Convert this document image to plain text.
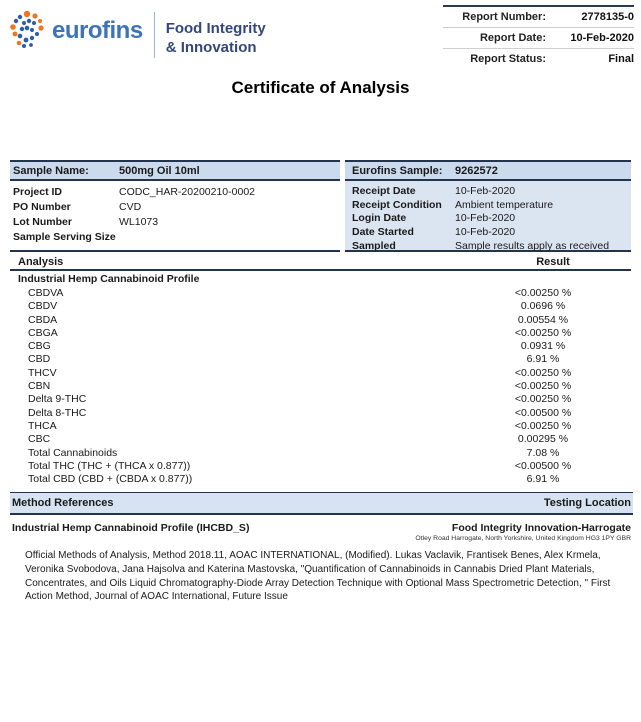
eurofins Food Integrity
& Innovation
Report Number:	2778135-0
Report Date:	10-Feb-2020
Report Status:	Final
Certificate of Analysis
Sample Name:	500mg Oil 10ml
Project ID	CODC_HAR-20200210-0002
PO Number	CVD
Lot Number	WL1073
Sample Serving Size
Eurofins Sample:	9262572
Receipt Date	10-Feb-2020
Receipt Condition	Ambient temperature
Login Date	10-Feb-2020
Date Started	10-Feb-2020
Sampled	Sample results apply as received
Analysis	Result
Industrial Hemp Cannabinoid Profile
CBDVA	<0.00250 %
CBDV	0.0696 %
CBDA	0.00554 %
CBGA	<0.00250 %
CBG	0.0931 %
CBD	6.91 %
THCV	<0.00250 %
CBN	<0.00250 %
Delta 9-THC	<0.00250 %
Delta 8-THC	<0.00500 %
THCA	<0.00250 %
CBC	0.00295 %
Total Cannabinoids	7.08 %
Total THC (THC + (THCA x 0.877))	<0.00500 %
Total CBD (CBD + (CBDA x 0.877))	6.91 %
Method References	Testing Location
Industrial Hemp Cannabinoid Profile (IHCBD_S)	Food Integrity Innovation-Harrogate
Otley Road Harrogate, North Yorkshire, United Kingdom HG3 1PY GBR
Official Methods of Analysis, Method 2018.11, AOAC INTERNATIONAL, (Modified). Lukas Vaclavik, Frantisek Benes, Alex Krmela, Veronika Svobodova, Jana Hajsolva and Katerina Mastovska, "Quantification of Cannabinoids in Cannabis Dried Plant Materials, Concentrates, and Oils Liquid Chromatography-Diode Array Detection Technique with Optional Mass Spectrometric Detection, " First Action Method, Journal of AOAC International, Future Issue
